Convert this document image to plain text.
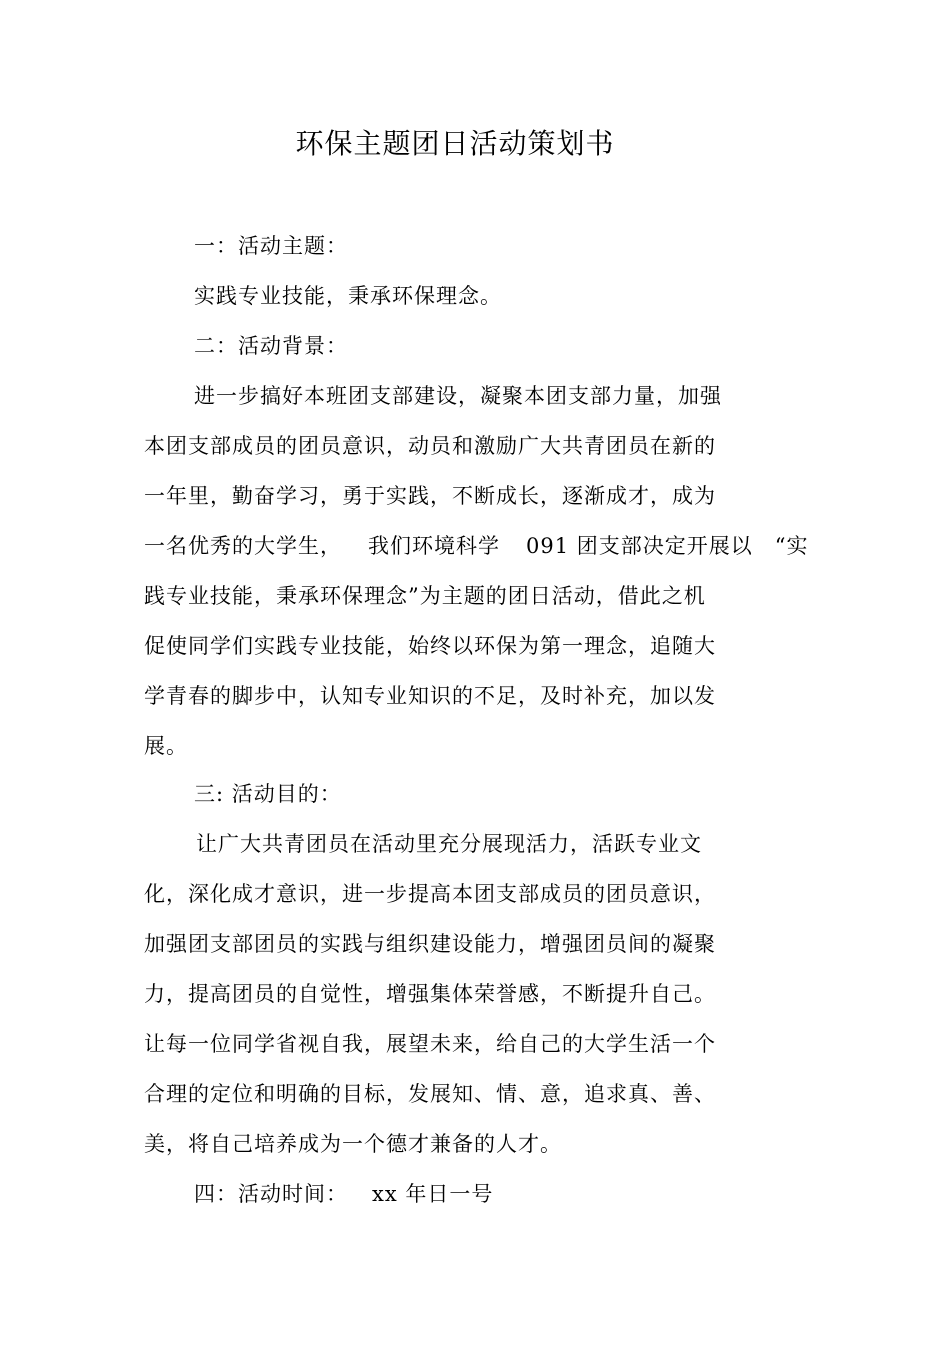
环保主题团日活动策划书
一：活动主题：
实践专业技能，秉承环保理念。
二：活动背景：
进一步搞好本班团支部建设，凝聚本团支部力量，加强
本团支部成员的团员意识，动员和激励广大共青团员在新的
一年里，勤奋学习，勇于实践，不断成长，逐渐成才，成为
一名优秀的大学生， 我们环境科学 091 团支部决定开展以 “实
践专业技能，秉承环保理念”为主题的团日活动，借此之机
促使同学们实践专业技能，始终以环保为第一理念，追随大
学青春的脚步中，认知专业知识的不足，及时补充，加以发
展。
三: 活动目的：
让广大共青团员在活动里充分展现活力，活跃专业文
化，深化成才意识，进一步提高本团支部成员的团员意识，
加强团支部团员的实践与组织建设能力，增强团员间的凝聚
力，提高团员的自觉性，增强集体荣誉感，不断提升自己。
让每一位同学省视自我，展望未来，给自己的大学生活一个
合理的定位和明确的目标，发展知、情、意，追求真、善、
美，将自己培养成为一个德才兼备的人才。
四：活动时间： xx 年日一号
